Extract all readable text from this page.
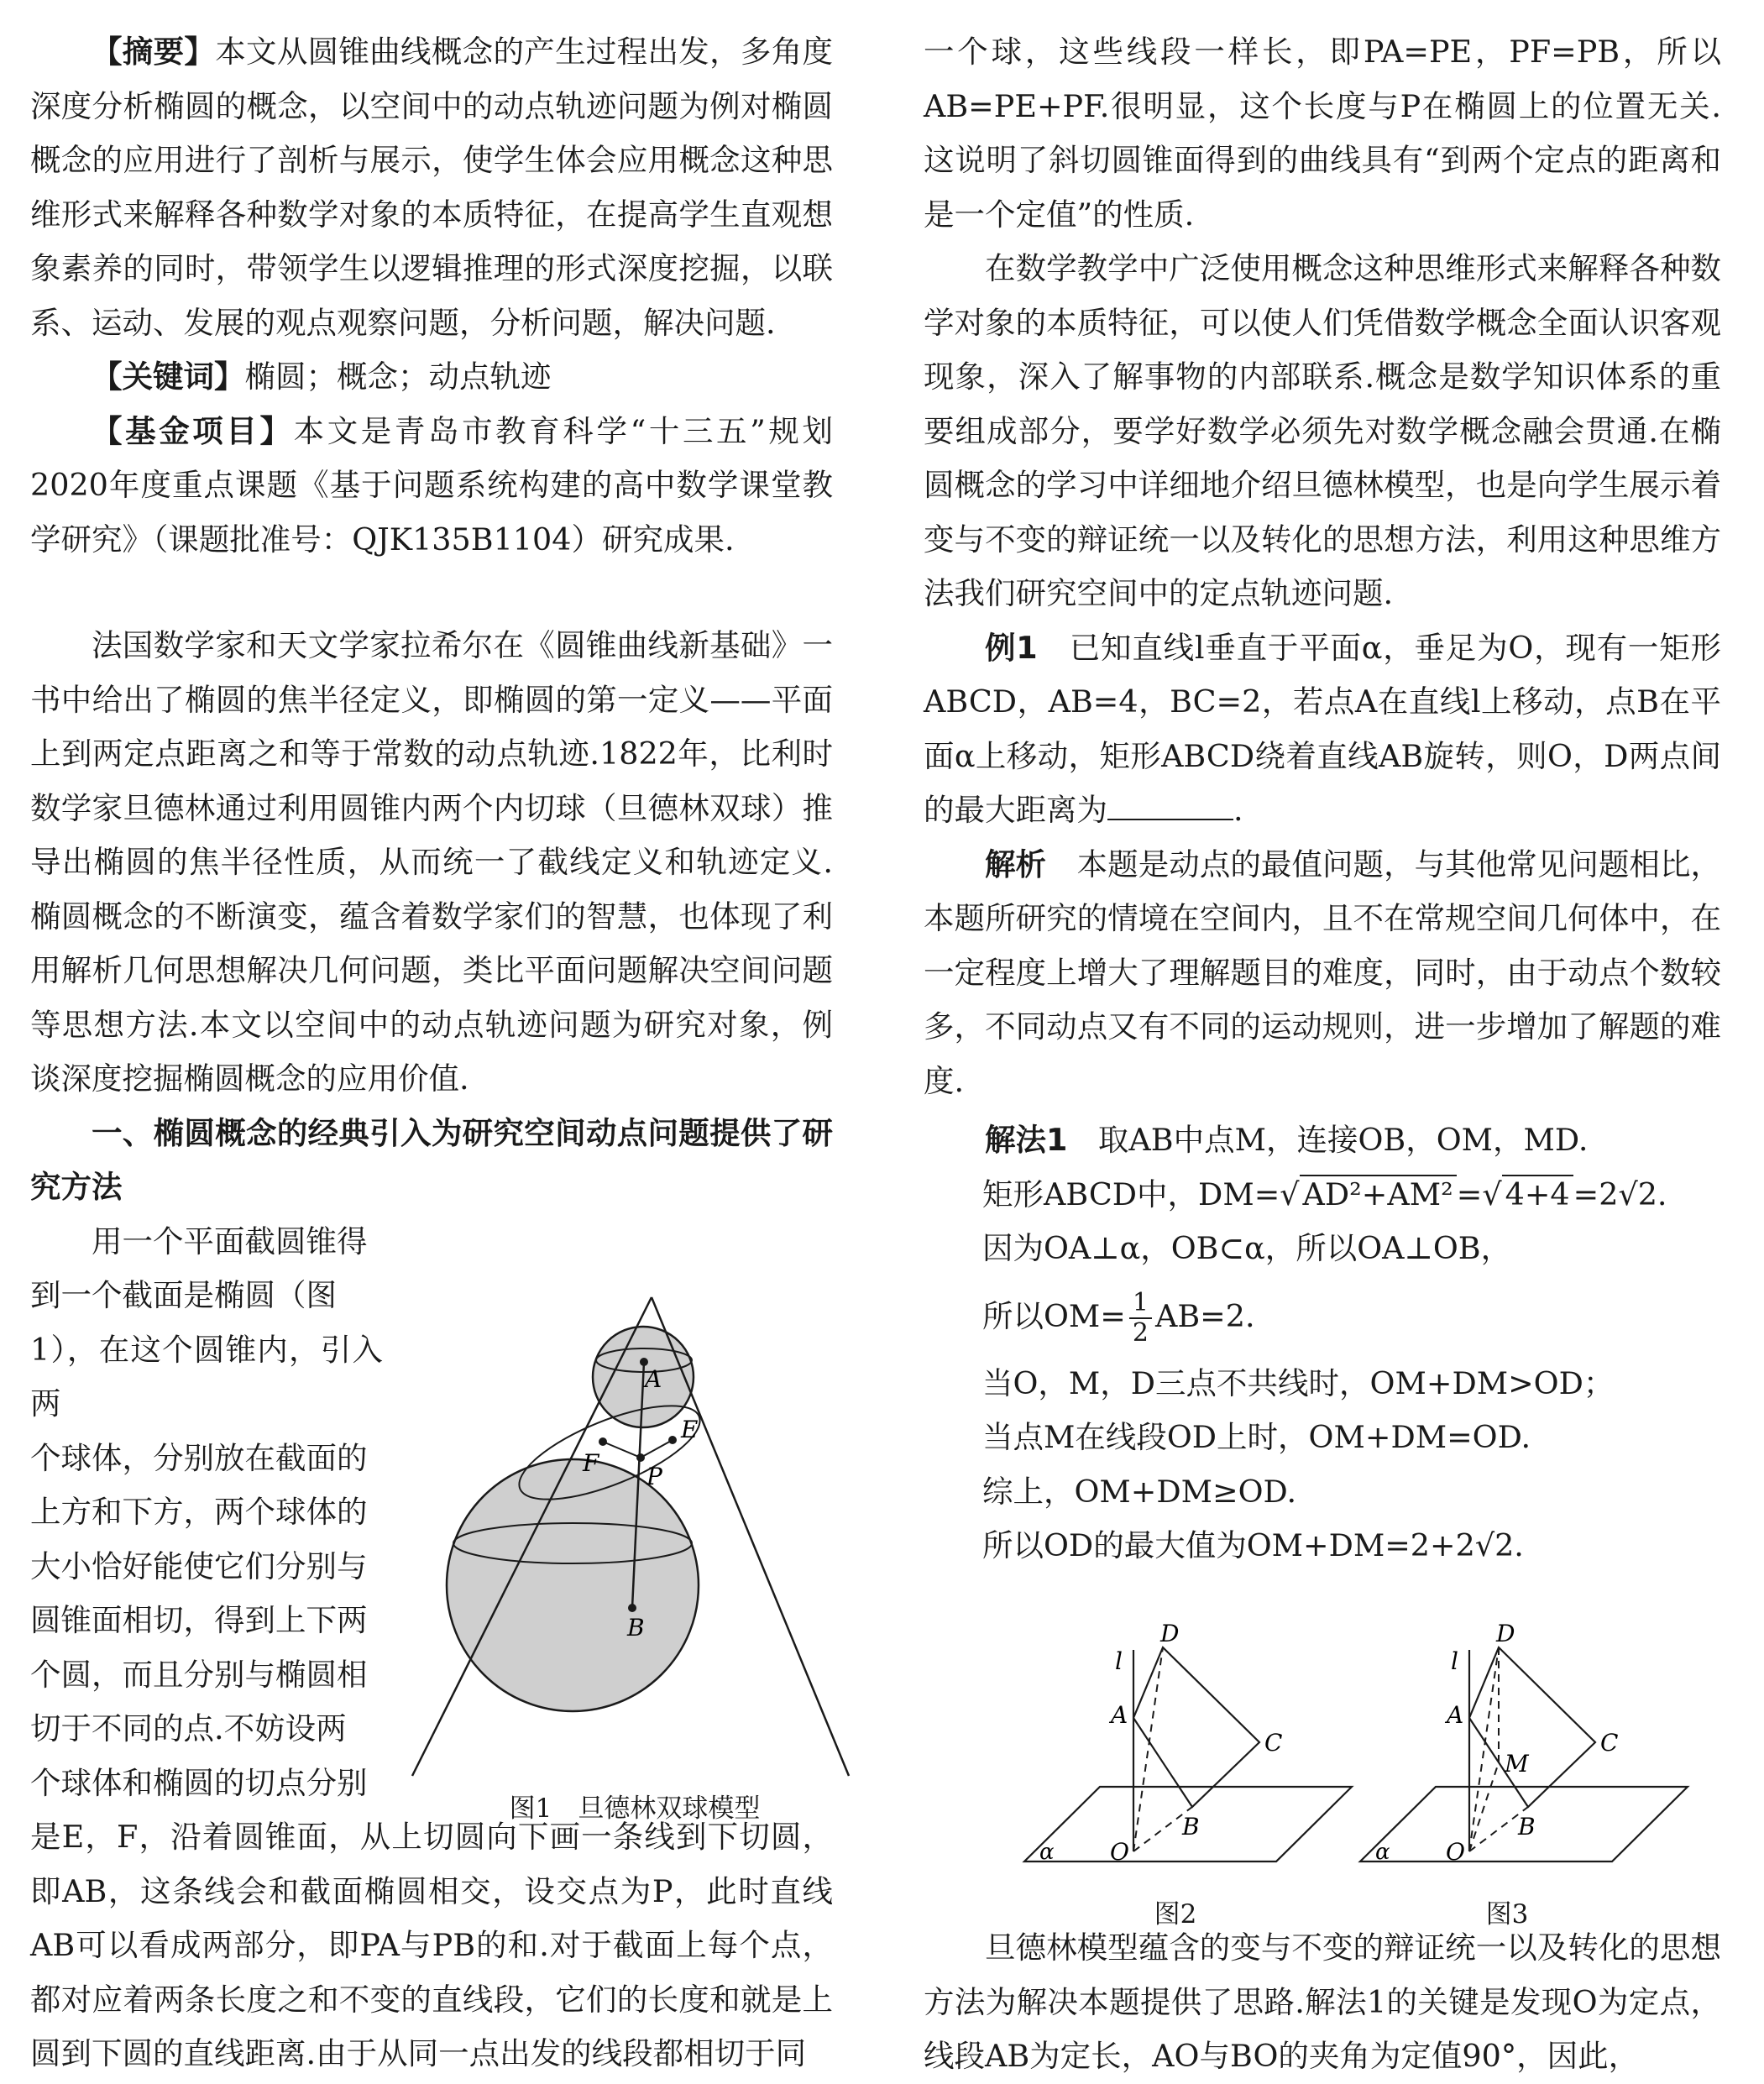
【摘要】本文从圆锥曲线概念的产生过程出发，多角度深度分析椭圆的概念，以空间中的动点轨迹问题为例对椭圆概念的应用进行了剖析与展示，使学生体会应用概念这种思维形式来解释各种数学对象的本质特征，在提高学生直观想象素养的同时，带领学生以逻辑推理的形式深度挖掘，以联系、运动、发展的观点观察问题，分析问题，解决问题.

【关键词】椭圆；概念；动点轨迹

【基金项目】本文是青岛市教育科学“十三五”规划2020年度重点课题《基于问题系统构建的高中数学课堂教学研究》（课题批准号：QJK135B1104）研究成果.

法国数学家和天文学家拉希尔在《圆锥曲线新基础》一书中给出了椭圆的焦半径定义，即椭圆的第一定义——平面上到两定点距离之和等于常数的动点轨迹.1822年，比利时数学家旦德林通过利用圆锥内两个内切球（旦德林双球）推导出椭圆的焦半径性质，从而统一了截线定义和轨迹定义.椭圆概念的不断演变，蕴含着数学家们的智慧，也体现了利用解析几何思想解决几何问题，类比平面问题解决空间问题等思想方法.本文以空间中的动点轨迹问题为研究对象，例谈深度挖掘椭圆概念的应用价值.

一、椭圆概念的经典引入为研究空间动点问题提供了研究方法

用一个平面截圆锥得

到一个截面是椭圆（图

1），在这个圆锥内，引入两

个球体，分别放在截面的

上方和下方，两个球体的

大小恰好能使它们分别与

圆锥面相切，得到上下两

个圆，而且分别与椭圆相

切于不同的点.不妨设两

个球体和椭圆的切点分别

是E，F，沿着圆锥面，从上切圆向下画一条线到下切圆，即AB，这条线会和截面椭圆相交，设交点为P，此时直线AB可以看成两部分，即PA与PB的和.对于截面上每个点，都对应着两条长度之和不变的直线段，它们的长度和就是上圆到下圆的直线距离.由于从同一点出发的线段都相切于同

A
E
F P
B
图1　旦德林双球模型

一个球，这些线段一样长，即PA=PE，PF=PB，所以AB=PE+PF.很明显，这个长度与P在椭圆上的位置无关.这说明了斜切圆锥面得到的曲线具有“到两个定点的距离和是一个定值”的性质.

在数学教学中广泛使用概念这种思维形式来解释各种数学对象的本质特征，可以使人们凭借数学概念全面认识客观现象，深入了解事物的内部联系.概念是数学知识体系的重要组成部分，要学好数学必须先对数学概念融会贯通.在椭圆概念的学习中详细地介绍旦德林模型，也是向学生展示着变与不变的辩证统一以及转化的思想方法，利用这种思维方法我们研究空间中的定点轨迹问题.

例1　 已知直线l垂直于平面α，垂足为O，现有一矩形ABCD，AB=4，BC=2，若点A在直线l上移动，点B在平面α上移动，矩形ABCD绕着直线AB旋转，则O，D两点间的最大距离为	.

解析　 本题是动点的最值问题，与其他常见问题相比，本题所研究的情境在空间内，且不在常规空间几何体中，在一定程度上增大了理解题目的难度，同时，由于动点个数较多，不同动点又有不同的运动规则，进一步增加了解题的难度.

解法1　 取AB中点M，连接OB，OM，MD.

矩形ABCD中，DM=√ AD²+AM² =√ 4+4 =2√2.

因为OA⊥α，OB⊂α，所以OA⊥OB，

所以$OM= \frac{1}{2} AB=2$.

当O，M，D三点不共线时，OM+DM>OD；

当点M在线段OD上时，OM+DM=OD.

综上，OM+DM≥OD.

所以OD的最大值为OM+DM=2+2√2.

l
D
A
C
B
O
α
l
D
A
C
M
B
O
α
图2	图3

旦德林模型蕴含的变与不变的辩证统一以及转化的思想方法为解决本题提供了思路.解法1的关键是发现O为定点，线段AB为定长，AO与BO的夹角为定值90°，因此，
